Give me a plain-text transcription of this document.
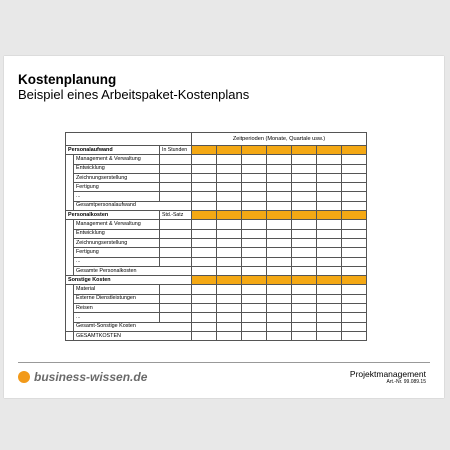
Kostenplanung
Beispiel eines Arbeitspaket-Kostenplans
			Zeitperioden (Monate, Quartale usw.)						
Personalaufwand		In Stunden							
	Management & Verwaltung								
	Entwicklung								
	Zeichnungserstellung								
	Fertigung								
	...								
	Gesamtpersonalaufwand								
Personalkosten		Std.-Satz							
	Management & Verwaltung								
	Entwicklung								
	Zeichnungserstellung								
	Fertigung								
	...								
	Gesamte Personalkosten								
Sonstige Kosten									
	Material								
	Externe Dienstleistungen								
	Reisen								
	...								
	Gesamt-Sonstige Kosten								
	GESAMTKOSTEN								
business-wissen.de	Projektmanagement
Art.-Nr. 99.089.15
